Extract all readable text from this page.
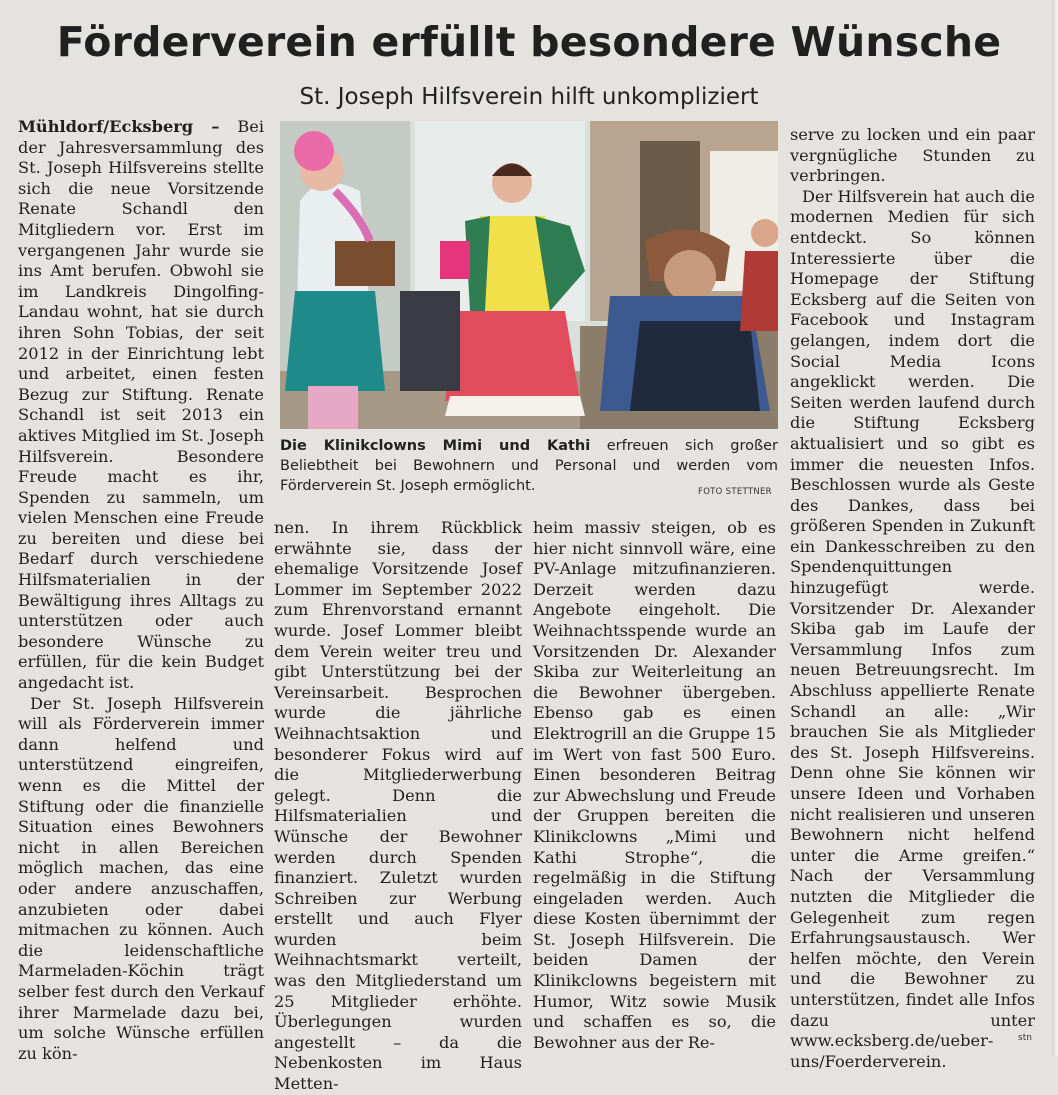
Förderverein erfüllt besondere Wünsche
St. Joseph Hilfsverein hilft unkompliziert

Mühldorf/Ecksberg – Bei der Jahresversammlung des St. Joseph Hilfsvereins stellte sich die neue Vorsitzende Renate Schandl den Mitgliedern vor. Erst im vergangenen Jahr wurde sie ins Amt berufen. Obwohl sie im Landkreis Dingolfing-Landau wohnt, hat sie durch ihren Sohn Tobias, der seit 2012 in der Einrichtung lebt und arbeitet, einen festen Bezug zur Stiftung. Renate Schandl ist seit 2013 ein aktives Mitglied im St. Joseph Hilfsverein. Besondere Freude macht es ihr, Spenden zu sammeln, um vielen Menschen eine Freude zu bereiten und diese bei Bedarf durch verschiedene Hilfsmaterialien in der Bewältigung ihres Alltags zu unterstützen oder auch besondere Wünsche zu erfüllen, für die kein Budget angedacht ist.

Der St. Joseph Hilfsverein will als Förderverein immer dann helfend und unterstützend eingreifen, wenn es die Mittel der Stiftung oder die finanzielle Situation eines Bewohners nicht in allen Bereichen möglich machen, das eine oder andere anzuschaffen, anzubieten oder dabei mitmachen zu können. Auch die leidenschaftliche Marmeladen-Köchin trägt selber fest durch den Verkauf ihrer Marmelade dazu bei, um solche Wünsche erfüllen zu kön-

Die Klinikclowns Mimi und Kathi erfreuen sich großer Beliebtheit bei Bewohnern und Personal und werden vom Förderverein St. Joseph ermöglicht.	FOTO STETTNER

nen. In ihrem Rückblick erwähnte sie, dass der ehemalige Vorsitzende Josef Lommer im September 2022 zum Ehrenvorstand ernannt wurde. Josef Lommer bleibt dem Verein weiter treu und gibt Unterstützung bei der Vereinsarbeit. Besprochen wurde die jährliche Weihnachtsaktion und besonderer Fokus wird auf die Mitgliederwerbung gelegt. Denn die Hilfsmaterialien und Wünsche der Bewohner werden durch Spenden finanziert. Zuletzt wurden Schreiben zur Werbung erstellt und auch Flyer wurden beim Weihnachtsmarkt verteilt, was den Mitgliederstand um 25 Mitglieder erhöhte. Überlegungen wurden angestellt – da die Nebenkosten im Haus Metten-

heim massiv steigen, ob es hier nicht sinnvoll wäre, eine PV-Anlage mitzufinanzieren. Derzeit werden dazu Angebote eingeholt. Die Weihnachtsspende wurde an Vorsitzenden Dr. Alexander Skiba zur Weiterleitung an die Bewohner übergeben. Ebenso gab es einen Elektrogrill an die Gruppe 15 im Wert von fast 500 Euro. Einen besonderen Beitrag zur Abwechslung und Freude der Gruppen bereiten die Klinikclowns „Mimi und Kathi Strophe“, die regelmäßig in die Stiftung eingeladen werden. Auch diese Kosten übernimmt der St. Joseph Hilfsverein. Die beiden Damen der Klinikclowns begeistern mit Humor, Witz sowie Musik und schaffen es so, die Bewohner aus der Re-

serve zu locken und ein paar vergnügliche Stunden zu verbringen.

Der Hilfsverein hat auch die modernen Medien für sich entdeckt. So können Interessierte über die Homepage der Stiftung Ecksberg auf die Seiten von Facebook und Instagram gelangen, indem dort die Social Media Icons angeklickt werden. Die Seiten werden laufend durch die Stiftung Ecksberg aktualisiert und so gibt es immer die neuesten Infos. Beschlossen wurde als Geste des Dankes, dass bei größeren Spenden in Zukunft ein Dankesschreiben zu den Spendenquittungen hinzugefügt werde. Vorsitzender Dr. Alexander Skiba gab im Laufe der Versammlung Infos zum neuen Betreuungsrecht. Im Abschluss appellierte Renate Schandl an alle: „Wir brauchen Sie als Mitglieder des St. Joseph Hilfsvereins. Denn ohne Sie können wir unsere Ideen und Vorhaben nicht realisieren und unseren Bewohnern nicht helfend unter die Arme greifen.“ Nach der Versammlung nutzten die Mitglieder die Gelegenheit zum regen Erfahrungsaustausch. Wer helfen möchte, den Verein und die Bewohner zu unterstützen, findet alle Infos dazu unter www.ecksberg.de/ueber-uns/Foerderverein.

stn
